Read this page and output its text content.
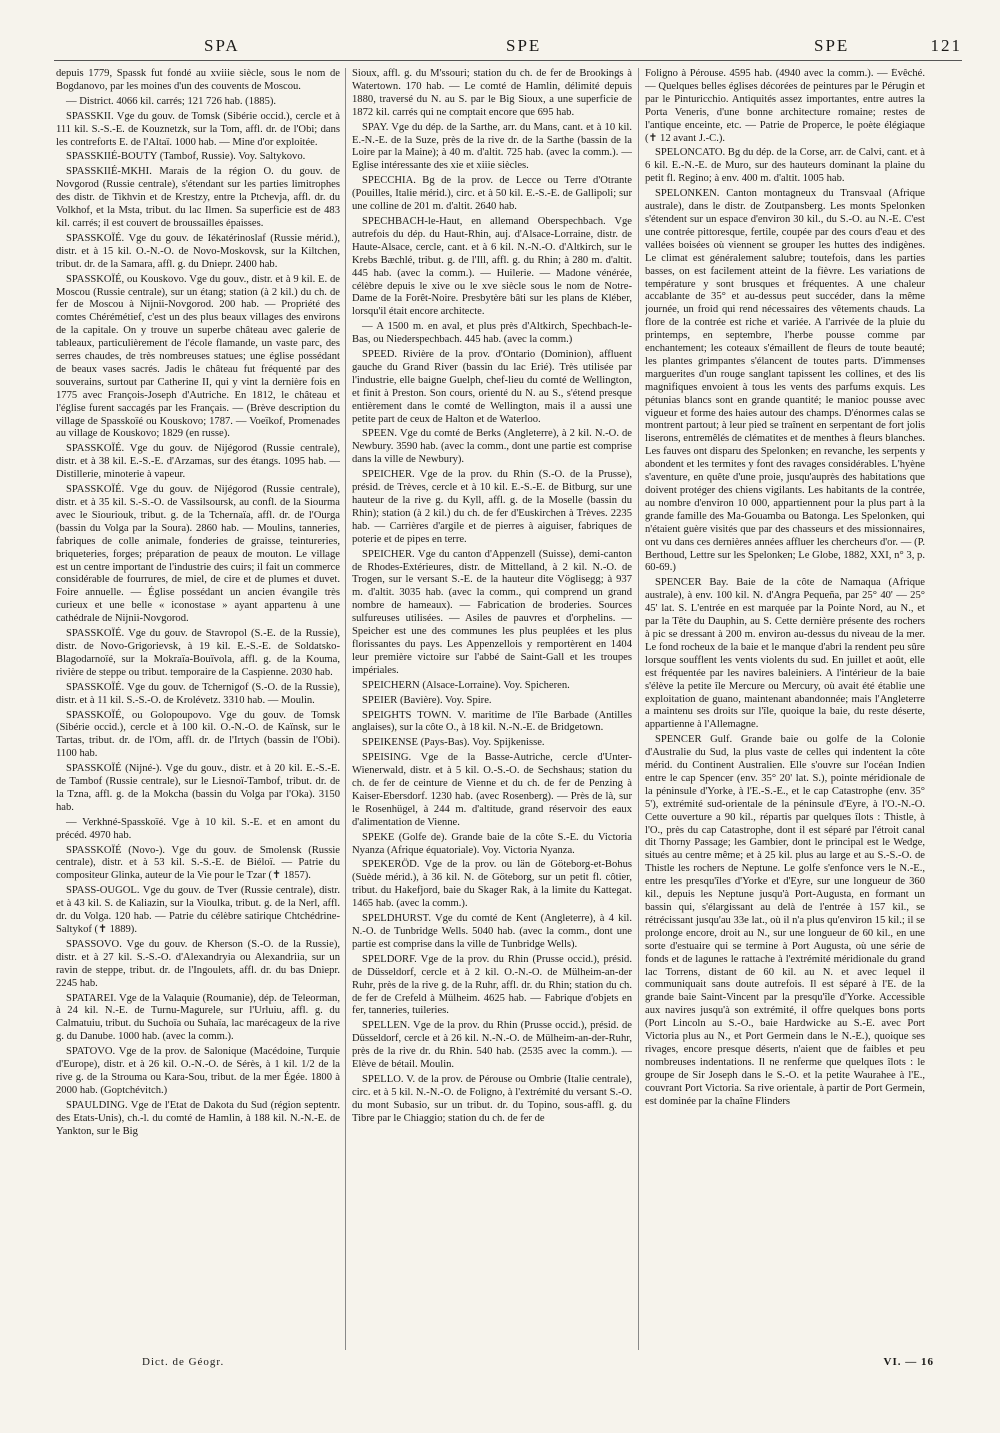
SPA	SPE	SPE	121

depuis 1779, Spassk fut fondé au xviiie siècle, sous le nom de Bogdanovo, par les moines d'un des couvents de Moscou.

— District. 4066 kil. carrés; 121 726 hab. (1885).

SPASSKII. Vge du gouv. de Tomsk (Sibérie occid.), cercle et à 111 kil. S.-S.-E. de Kouznetzk, sur la Tom, affl. dr. de l'Obi; dans les contreforts E. de l'Altaï. 1000 hab. — Mine d'or exploitée.

SPASSKIIÉ-BOUTY (Tambof, Russie). Voy. Saltykovo.

SPASSKIIÉ-MKHI. Marais de la région O. du gouv. de Novgorod (Russie centrale), s'étendant sur les parties limitrophes des distr. de Tikhvin et de Krestzy, entre la Ptchevja, affl. dr. du Volkhof, et la Msta, tribut. du lac Ilmen. Sa superficie est de 483 kil. carrés; il est couvert de broussailles épaisses.

SPASSKOÏÉ. Vge du gouv. de Iékatérinoslaf (Russie mérid.), distr. et à 15 kil. O.-N.-O. de Novo-Moskovsk, sur la Kiltchen, tribut. dr. de la Samara, affl. g. du Dniepr. 2400 hab.

SPASSKOÏÉ, ou Kouskovo. Vge du gouv., distr. et à 9 kil. E. de Moscou (Russie centrale), sur un étang; station (à 2 kil.) du ch. de fer de Moscou à Nijnii-Novgorod. 200 hab. — Propriété des comtes Chérémétief, c'est un des plus beaux villages des environs de la capitale. On y trouve un superbe château avec galerie de tableaux, particulièrement de l'école flamande, un vaste parc, des serres chaudes, de très nombreuses statues; une église possédant de beaux vases sacrés. Jadis le château fut fréquenté par des souverains, surtout par Catherine II, qui y vint la dernière fois en 1775 avec François-Joseph d'Autriche. En 1812, le château et l'église furent saccagés par les Français. — (Brève description du village de Spasskoïé ou Kouskovo; 1787. — Voeïkof, Promenades au village de Kouskovo; 1829 (en russe).

SPASSKOÏÉ. Vge du gouv. de Nijégorod (Russie centrale), distr. et à 38 kil. E.-S.-E. d'Arzamas, sur des étangs. 1095 hab. — Distillerie, minoterie à vapeur.

SPASSKOÏÉ. Vge du gouv. de Nijégorod (Russie centrale), distr. et à 35 kil. S.-S.-O. de Vassilsoursk, au confl. de la Siourma avec le Siouriouk, tribut. g. de la Tchernaïa, affl. dr. de l'Ourga (bassin du Volga par la Soura). 2860 hab. — Moulins, tanneries, fabriques de colle animale, fonderies de graisse, teintureries, briqueteries, forges; préparation de peaux de mouton. Le village est un centre important de l'industrie des cuirs; il fait un commerce considérable de fourrures, de miel, de cire et de plumes et duvet. Foire annuelle. — Église possédant un ancien évangile très curieux et une belle « iconostase » ayant appartenu à une cathédrale de Nijnii-Novgorod.

SPASSKOÏÉ. Vge du gouv. de Stavropol (S.-E. de la Russie), distr. de Novo-Grigorievsk, à 19 kil. E.-S.-E. de Soldatsko-Blagodarnoïé, sur la Mokraïa-Bouïvola, affl. g. de la Kouma, rivière de steppe ou tribut. temporaire de la Caspienne. 2030 hab.

SPASSKOÏÉ. Vge du gouv. de Tchernigof (S.-O. de la Russie), distr. et à 11 kil. S.-S.-O. de Krolévetz. 3310 hab. — Moulin.

SPASSKOÏÉ, ou Golopoupovo. Vge du gouv. de Tomsk (Sibérie occid.), cercle et à 100 kil. O.-N.-O. de Kaïnsk, sur le Tartas, tribut. dr. de l'Om, affl. dr. de l'Irtych (bassin de l'Obi). 1100 hab.

SPASSKOÏÉ (Nijné-). Vge du gouv., distr. et à 20 kil. E.-S.-E. de Tambof (Russie centrale), sur le Liesnoï-Tambof, tribut. dr. de la Tzna, affl. g. de la Mokcha (bassin du Volga par l'Oka). 3150 hab.

— Verkhné-Spasskoïé. Vge à 10 kil. S.-E. et en amont du précéd. 4970 hab.

SPASSKOÏÉ (Novo-). Vge du gouv. de Smolensk (Russie centrale), distr. et à 53 kil. S.-S.-E. de Biéloï. — Patrie du compositeur Glinka, auteur de la Vie pour le Tzar (✝ 1857).

SPASS-OUGOL. Vge du gouv. de Tver (Russie centrale), distr. et à 43 kil. S. de Kaliazin, sur la Vioulka, tribut. g. de la Nerl, affl. dr. du Volga. 120 hab. — Patrie du célèbre satirique Chtchédrine-Saltykof (✝ 1889).

SPASSOVO. Vge du gouv. de Kherson (S.-O. de la Russie), distr. et à 27 kil. S.-S.-O. d'Alexandryia ou Alexandriia, sur un ravin de steppe, tribut. dr. de l'Ingoulets, affl. dr. du bas Dniepr. 2245 hab.

SPATAREI. Vge de la Valaquie (Roumanie), dép. de Teleorman, à 24 kil. N.-E. de Turnu-Magurele, sur l'Urluiu, affl. g. du Calmatuiu, tribut. du Suchoïa ou Suhaïa, lac marécageux de la rive g. du Danube. 1000 hab. (avec la comm.).

SPATOVO. Vge de la prov. de Salonique (Macédoine, Turquie d'Europe), distr. et à 26 kil. O.-N.-O. de Sérès, à 1 kil. 1/2 de la rive g. de la Strouma ou Kara-Sou, tribut. de la mer Égée. 1800 à 2000 hab. (Goptchévitch.)

SPAULDING. Vge de l'Etat de Dakota du Sud (région septentr. des Etats-Unis), ch.-l. du comté de Hamlin, à 188 kil. N.-N.-E. de Yankton, sur le Big

Sioux, affl. g. du M'ssouri; station du ch. de fer de Brookings à Watertown. 170 hab. — Le comté de Hamlin, délimité depuis 1880, traversé du N. au S. par le Big Sioux, a une superficie de 1872 kil. carrés qui ne comptait encore que 695 hab.

SPAY. Vge du dép. de la Sarthe, arr. du Mans, cant. et à 10 kil. E.-N.-E. de la Suze, près de la rive dr. de la Sarthe (bassin de la Loire par la Maine); à 40 m. d'altit. 725 hab. (avec la comm.). — Eglise intéressante des xie et xiiie siècles.

SPECCHIA. Bg de la prov. de Lecce ou Terre d'Otrante (Pouilles, Italie mérid.), circ. et à 50 kil. E.-S.-E. de Gallipoli; sur une colline de 201 m. d'altit. 2640 hab.

SPECHBACH-le-Haut, en allemand Oberspechbach. Vge autrefois du dép. du Haut-Rhin, auj. d'Alsace-Lorraine, distr. de Haute-Alsace, cercle, cant. et à 6 kil. N.-N.-O. d'Altkirch, sur le Krebs Bæchlé, tribut. g. de l'Ill, affl. g. du Rhin; à 280 m. d'altit. 445 hab. (avec la comm.). — Huilerie. — Madone vénérée, célèbre depuis le xive ou le xve siècle sous le nom de Notre-Dame de la Forêt-Noire. Presbytère bâti sur les plans de Kléber, lorsqu'il était encore architecte.

— A 1500 m. en aval, et plus près d'Altkirch, Spechbach-le-Bas, ou Niederspechbach. 445 hab. (avec la comm.)

SPEED. Rivière de la prov. d'Ontario (Dominion), affluent gauche du Grand River (bassin du lac Erié). Très utilisée par l'industrie, elle baigne Guelph, chef-lieu du comté de Wellington, et finit à Preston. Son cours, orienté du N. au S., s'étend presque entièrement dans le comté de Wellington, mais il a aussi une petite part de ceux de Halton et de Waterloo.

SPEEN. Vge du comté de Berks (Angleterre), à 2 kil. N.-O. de Newbury. 3590 hab. (avec la comm., dont une partie est comprise dans la ville de Newbury).

SPEICHER. Vge de la prov. du Rhin (S.-O. de la Prusse), présid. de Trèves, cercle et à 10 kil. E.-S.-E. de Bitburg, sur une hauteur de la rive g. du Kyll, affl. g. de la Moselle (bassin du Rhin); station (à 2 kil.) du ch. de fer d'Euskirchen à Trèves. 2235 hab. — Carrières d'argile et de pierres à aiguiser, fabriques de poterie et de pipes en terre.

SPEICHER. Vge du canton d'Appenzell (Suisse), demi-canton de Rhodes-Extérieures, distr. de Mittelland, à 2 kil. N.-O. de Trogen, sur le versant S.-E. de la hauteur dite Vöglisegg; à 937 m. d'altit. 3035 hab. (avec la comm., qui comprend un grand nombre de hameaux). — Fabrication de broderies. Sources sulfureuses utilisées. — Asiles de pauvres et d'orphelins. — Speicher est une des communes les plus peuplées et les plus florissantes du pays. Les Appenzellois y remportèrent en 1404 leur première victoire sur l'abbé de Saint-Gall et les troupes impériales.

SPEICHERN (Alsace-Lorraine). Voy. Spicheren.

SPEIER (Bavière). Voy. Spire.

SPEIGHTS TOWN. V. maritime de l'île Barbade (Antilles anglaises), sur la côte O., à 18 kil. N.-N.-E. de Bridgetown.

SPEIKENSE (Pays-Bas). Voy. Spijkenisse.

SPEISING. Vge de la Basse-Autriche, cercle d'Unter-Wienerwald, distr. et à 5 kil. O.-S.-O. de Sechshaus; station du ch. de fer de ceinture de Vienne et du ch. de fer de Penzing à Kaiser-Ebersdorf. 1230 hab. (avec Rosenberg). — Près de là, sur le Rosenhügel, à 244 m. d'altitude, grand réservoir des eaux d'alimentation de Vienne.

SPEKE (Golfe de). Grande baie de la côte S.-E. du Victoria Nyanza (Afrique équatoriale). Voy. Victoria Nyanza.

SPEKERÖD. Vge de la prov. ou län de Göteborg-et-Bohus (Suède mérid.), à 36 kil. N. de Göteborg, sur un petit fl. côtier, tribut. du Hakefjord, baie du Skager Rak, à la limite du Kattegat. 1465 hab. (avec la comm.).

SPELDHURST. Vge du comté de Kent (Angleterre), à 4 kil. N.-O. de Tunbridge Wells. 5040 hab. (avec la comm., dont une partie est comprise dans la ville de Tunbridge Wells).

SPELDORF. Vge de la prov. du Rhin (Prusse occid.), présid. de Düsseldorf, cercle et à 2 kil. O.-N.-O. de Mülheim-an-der Ruhr, près de la rive g. de la Ruhr, affl. dr. du Rhin; station du ch. de fer de Crefeld à Mülheim. 4625 hab. — Fabrique d'objets en fer, tanneries, tuileries.

SPELLEN. Vge de la prov. du Rhin (Prusse occid.), présid. de Düsseldorf, cercle et à 26 kil. N.-N.-O. de Mülheim-an-der-Ruhr, près de la rive dr. du Rhin. 540 hab. (2535 avec la comm.). — Elève de bétail. Moulin.

SPELLO. V. de la prov. de Pérouse ou Ombrie (Italie centrale), circ. et à 5 kil. N.-N.-O. de Foligno, à l'extrémité du versant S.-O. du mont Subasio, sur un tribut. dr. du Topino, sous-affl. g. du Tibre par le Chiaggio; station du ch. de fer de

Foligno à Pérouse. 4595 hab. (4940 avec la comm.). — Évêché. — Quelques belles églises décorées de peintures par le Pérugin et par le Pinturicchio. Antiquités assez importantes, entre autres la Porta Veneris, d'une bonne architecture romaine; restes de l'antique enceinte, etc. — Patrie de Properce, le poète élégiaque (✝ 12 avant J.-C.).

SPELONCATO. Bg du dép. de la Corse, arr. de Calvi, cant. et à 6 kil. E.-N.-E. de Muro, sur des hauteurs dominant la plaine du petit fl. Regino; à env. 400 m. d'altit. 1005 hab.

SPELONKEN. Canton montagneux du Transvaal (Afrique australe), dans le distr. de Zoutpansberg. Les monts Spelonken s'étendent sur un espace d'environ 30 kil., du S.-O. au N.-E. C'est une contrée pittoresque, fertile, coupée par des cours d'eau et des vallées boisées où viennent se grouper les huttes des indigènes. Le climat est généralement salubre; toutefois, dans les parties basses, on est facilement atteint de la fièvre. Les variations de température y sont brusques et fréquentes. A une chaleur accablante de 35° et au-dessus peut succéder, dans la même journée, un froid qui rend nécessaires des vêtements chauds. La flore de la contrée est riche et variée. A l'arrivée de la pluie du printemps, en septembre, l'herbe pousse comme par enchantement; les coteaux s'émaillent de fleurs de toute beauté; les plantes grimpantes s'élancent de toutes parts. D'immenses marguerites d'un rouge sanglant tapissent les collines, et des lis magnifiques envoient à tous les vents des parfums exquis. Les pétunias blancs sont en grande quantité; le manioc pousse avec vigueur et forme des haies autour des champs. D'énormes calas se montrent partout; à leur pied se traînent en serpentant de fort jolis liserons, entremêlés de clématites et de menthes à fleurs blanches. Les fauves ont disparu des Spelonken; en revanche, les serpents y abondent et les termites y font des ravages considérables. L'hyène s'aventure, en quête d'une proie, jusqu'auprès des habitations que doivent protéger des chiens vigilants. Les habitants de la contrée, au nombre d'environ 10 000, appartiennent pour la plus part à la grande famille des Ma-Gouamba ou Batonga. Les Spelonken, qui n'étaient guère visités que par des chasseurs et des missionnaires, ont vu dans ces dernières années affluer les chercheurs d'or. — (P. Berthoud, Lettre sur les Spelonken; Le Globe, 1882, XXI, n° 3, p. 60-69.)

SPENCER Bay. Baie de la côte de Namaqua (Afrique australe), à env. 100 kil. N. d'Angra Pequeña, par 25° 40' — 25° 45' lat. S. L'entrée en est marquée par la Pointe Nord, au N., et par la Tête du Dauphin, au S. Cette dernière présente des rochers à pic se dressant à 200 m. environ au-dessus du niveau de la mer. Le fond rocheux de la baie et le manque d'abri la rendent peu sûre lorsque soufflent les vents violents du sud. En juillet et août, elle est fréquentée par les navires baleiniers. A l'intérieur de la baie s'élève la petite île Mercure ou Mercury, où avait été établie une exploitation de guano, maintenant abandonnée; mais l'Angleterre a maintenu ses droits sur l'île, quoique la baie, du reste déserte, appartienne à l'Allemagne.

SPENCER Gulf. Grande baie ou golfe de la Colonie d'Australie du Sud, la plus vaste de celles qui indentent la côte mérid. du Continent Australien. Elle s'ouvre sur l'océan Indien entre le cap Spencer (env. 35° 20' lat. S.), pointe méridionale de la péninsule d'Yorke, à l'E.-S.-E., et le cap Catastrophe (env. 35° 5'), extrémité sud-orientale de la péninsule d'Eyre, à l'O.-N.-O. Cette ouverture a 90 kil., répartis par quelques îlots : Thistle, à l'O., près du cap Catastrophe, dont il est séparé par l'étroit canal dit Thorny Passage; les Gambier, dont le principal est le Wedge, situés au centre même; et à 25 kil. plus au large et au S.-S.-O. de Thistle les rochers de Neptune. Le golfe s'enfonce vers le N.-E., entre les presqu'îles d'Yorke et d'Eyre, sur une longueur de 360 kil., depuis les Neptune jusqu'à Port-Augusta, en formant un bassin qui, s'élargissant au delà de l'entrée à 157 kil., se rétrécissant jusqu'au 33e lat., où il n'a plus qu'environ 15 kil.; il se prolonge encore, droit au N., sur une longueur de 60 kil., en une sorte d'estuaire qui se termine à Port Augusta, où une série de fonds et de lagunes le rattache à l'extrémité méridionale du grand lac Torrens, distant de 60 kil. au N. et avec lequel il communiquait sans doute autrefois. Il est séparé à l'E. de la grande baie Saint-Vincent par la presqu'île d'Yorke. Accessible aux navires jusqu'à son extrémité, il offre quelques bons ports (Port Lincoln au S.-O., baie Hardwicke au S.-E. avec Port Victoria plus au N., et Port Germein dans le N.-E.), quoique ses rivages, encore presque déserts, n'aient que de faibles et peu nombreuses indentations. Il ne renferme que quelques îlots : le groupe de Sir Joseph dans le S.-O. et la petite Waurahee à l'E., couvrant Port Victoria. Sa rive orientale, à partir de Port Germein, est dominée par la chaîne Flinders

Dict. de Géogr.	VI. — 16
